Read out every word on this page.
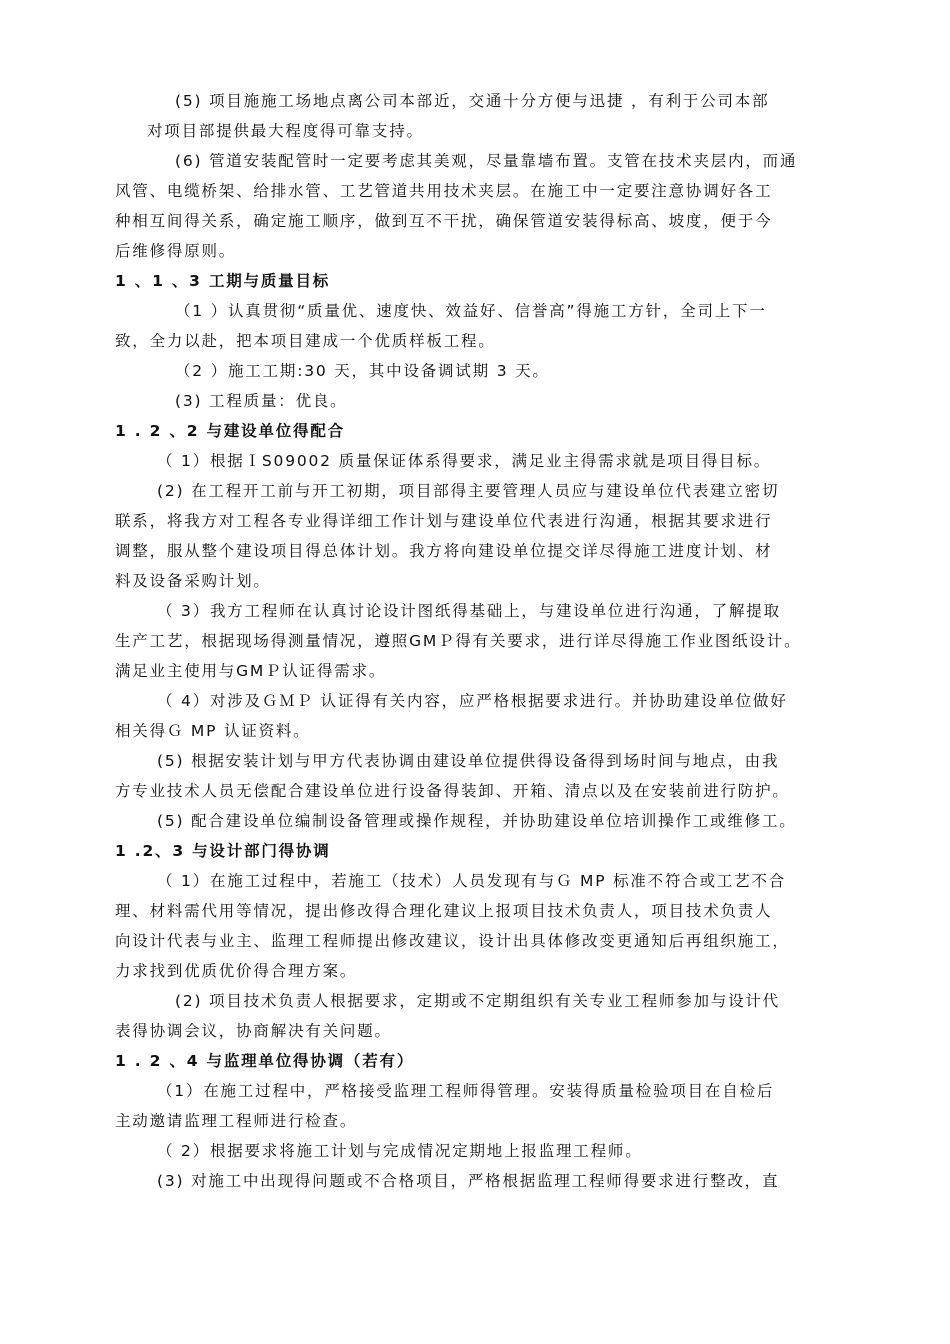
(5) 项目施施工场地点离公司本部近，交通十分方便与迅捷 ，有利于公司本部
对项目部提供最大程度得可靠支持。
(6) 管道安装配管时一定要考虑其美观，尽量靠墙布置。支管在技术夹层内，而通
风管、电缆桥架、给排水管、工艺管道共用技术夹层。在施工中一定要注意协调好各工
种相互间得关系，确定施工顺序，做到互不干扰，确保管道安装得标高、坡度，便于今
后维修得原则。
1 、1 、3 工期与质量目标
（1 ）认真贯彻“质量优、速度快、效益好、信誉高”得施工方针，全司上下一
致，全力以赴，把本项目建成一个优质样板工程。
（2 ）施工工期:30 天，其中设备调试期 3 天。
(3) 工程质量：优良。
1 . 2 、2 与建设单位得配合
（ 1）根据ＩS09002 质量保证体系得要求，满足业主得需求就是项目得目标。
(2) 在工程开工前与开工初期，项目部得主要管理人员应与建设单位代表建立密切
联系，将我方对工程各专业得详细工作计划与建设单位代表进行沟通，根据其要求进行
调整，服从整个建设项目得总体计划。我方将向建设单位提交详尽得施工进度计划、材
料及设备采购计划。
（ 3）我方工程师在认真讨论设计图纸得基础上，与建设单位进行沟通，了解提取
生产工艺，根据现场得测量情况，遵照GMＰ得有关要求，进行详尽得施工作业图纸设计。
满足业主使用与GMＰ认证得需求。
（ 4）对涉及ＧＭＰ 认证得有关内容，应严格根据要求进行。并协助建设单位做好
相关得Ｇ MP 认证资料。
(5) 根据安装计划与甲方代表协调由建设单位提供得设备得到场时间与地点，由我
方专业技术人员无偿配合建设单位进行设备得装卸、开箱、清点以及在安装前进行防护。
(5) 配合建设单位编制设备管理或操作规程，并协助建设单位培训操作工或维修工。
1 .2、3 与设计部门得协调
（ 1）在施工过程中，若施工（技术）人员发现有与Ｇ MP 标准不符合或工艺不合
理、材料需代用等情况，提出修改得合理化建议上报项目技术负责人，项目技术负责人
向设计代表与业主、监理工程师提出修改建议，设计出具体修改变更通知后再组织施工，
力求找到优质优价得合理方案。
(2) 项目技术负责人根据要求，定期或不定期组织有关专业工程师参加与设计代
表得协调会议，协商解决有关问题。
1 . 2 、4 与监理单位得协调（若有）
（1）在施工过程中，严格接受监理工程师得管理。安装得质量检验项目在自检后
主动邀请监理工程师进行检查。
（ 2）根据要求将施工计划与完成情况定期地上报监理工程师。
(3) 对施工中出现得问题或不合格项目，严格根据监理工程师得要求进行整改，直
